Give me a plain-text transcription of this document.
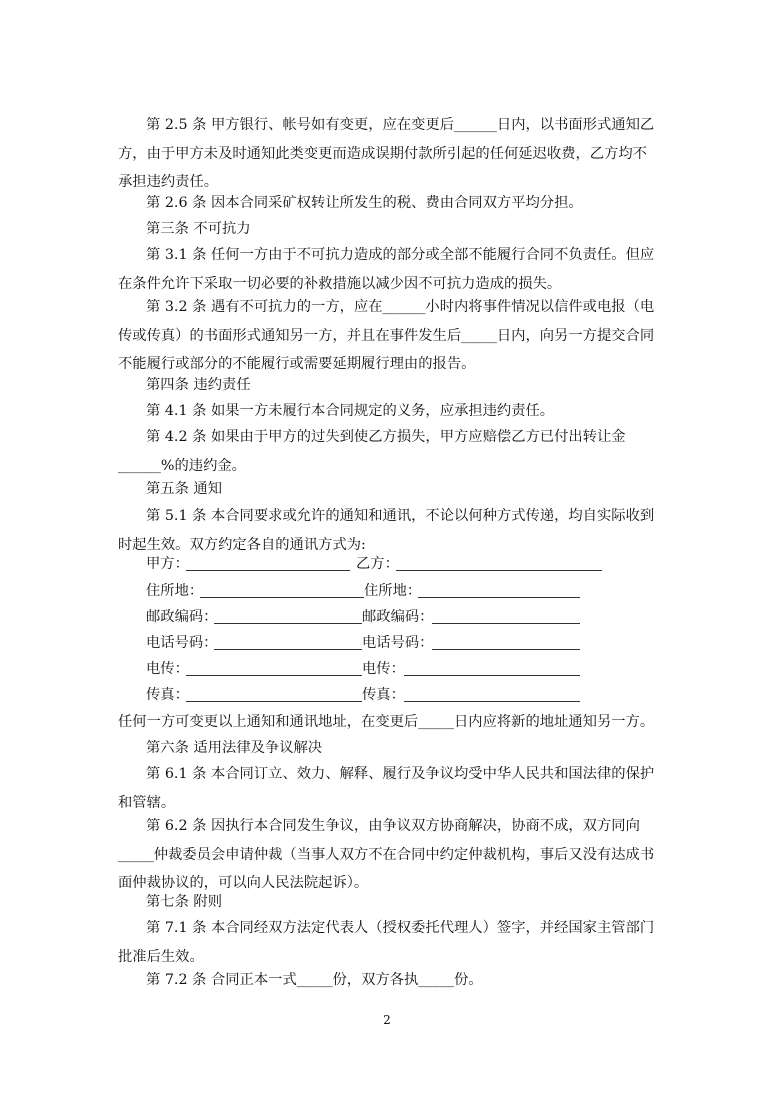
第 2.5 条 甲方银行、帐号如有变更，应在变更后______日内，以书面形式通知乙方，由于甲方未及时通知此类变更而造成误期付款所引起的任何延迟收费，乙方均不承担违约责任。

第 2.6 条 因本合同采矿权转让所发生的税、费由合同双方平均分担。

第三条 不可抗力

第 3.1 条 任何一方由于不可抗力造成的部分或全部不能履行合同不负责任。但应在条件允许下采取一切必要的补救措施以减少因不可抗力造成的损失。

第 3.2 条 遇有不可抗力的一方，应在______小时内将事件情况以信件或电报（电传或传真）的书面形式通知另一方，并且在事件发生后_____日内，向另一方提交合同不能履行或部分的不能履行或需要延期履行理由的报告。

第四条 违约责任

第 4.1 条 如果一方未履行本合同规定的义务，应承担违约责任。

第 4.2 条 如果由于甲方的过失到使乙方损失，甲方应赔偿乙方已付出转让金______%的违约金。

第五条 通知

第 5.1 条 本合同要求或允许的通知和通讯，不论以何种方式传递，均自实际收到时起生效。双方约定各自的通讯方式为:

甲方：	乙方：
住所地：	住所地：
邮政编码：	邮政编码：
电话号码：	电话号码：
电传：	电传：
传真：	传真：

任何一方可变更以上通知和通讯地址，在变更后_____日内应将新的地址通知另一方。

第六条 适用法律及争议解决

第 6.1 条 本合同订立、效力、解释、履行及争议均受中华人民共和国法律的保护和管辖。

第 6.2 条 因执行本合同发生争议，由争议双方协商解决，协商不成，双方同向_____仲裁委员会申请仲裁（当事人双方不在合同中约定仲裁机构，事后又没有达成书面仲裁协议的，可以向人民法院起诉）。

第七条 附则

第 7.1 条 本合同经双方法定代表人（授权委托代理人）签字，并经国家主管部门批准后生效。

第 7.2 条 合同正本一式_____份，双方各执_____份。

2
